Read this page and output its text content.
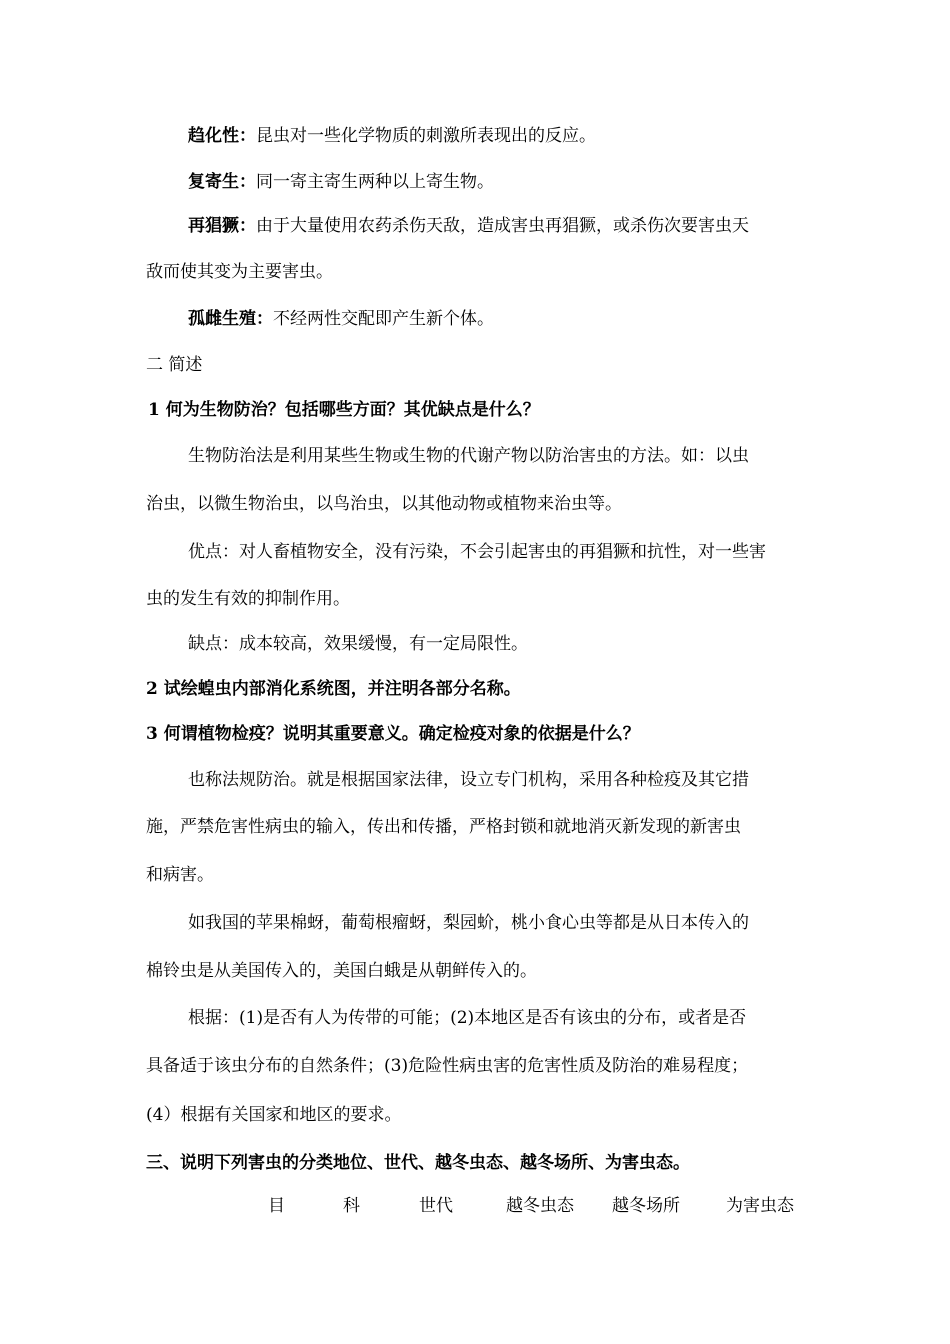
趋化性：昆虫对一些化学物质的刺激所表现出的反应。
复寄生：同一寄主寄生两种以上寄生物。
再猖獗：由于大量使用农药杀伤天敌，造成害虫再猖獗，或杀伤次要害虫天
敌而使其变为主要害虫。
孤雌生殖：不经两性交配即产生新个体。
二 简述
1 何为生物防治？包括哪些方面？其优缺点是什么？
生物防治法是利用某些生物或生物的代谢产物以防治害虫的方法。如：以虫
治虫，以微生物治虫，以鸟治虫，以其他动物或植物来治虫等。
优点：对人畜植物安全，没有污染，不会引起害虫的再猖獗和抗性，对一些害
虫的发生有效的抑制作用。
缺点：成本较高，效果缓慢，有一定局限性。
2 试绘蝗虫内部消化系统图，并注明各部分名称。
3 何谓植物检疫？说明其重要意义。确定检疫对象的依据是什么？
也称法规防治。就是根据国家法律，设立专门机构，采用各种检疫及其它措
施，严禁危害性病虫的输入，传出和传播，严格封锁和就地消灭新发现的新害虫
和病害。
如我国的苹果棉蚜，葡萄根瘤蚜，梨园蚧，桃小食心虫等都是从日本传入的
棉铃虫是从美国传入的，美国白蛾是从朝鲜传入的。
根据：(1)是否有人为传带的可能；(2)本地区是否有该虫的分布，或者是否
具备适于该虫分布的自然条件；(3)危险性病虫害的危害性质及防治的难易程度；
(4）根据有关国家和地区的要求。
三、说明下列害虫的分类地位、世代、越冬虫态、越冬场所、为害虫态。
目	科	世代	越冬虫态 越冬场所	为害虫态
